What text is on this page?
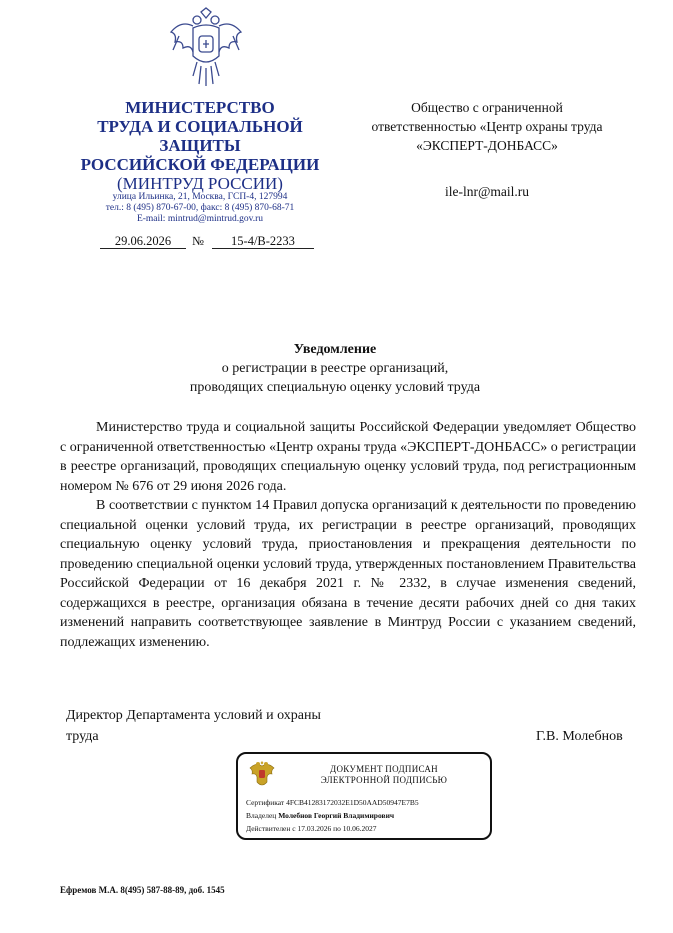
МИНИСТЕРСТВО
ТРУДА И СОЦИАЛЬНОЙ
ЗАЩИТЫ
РОССИЙСКОЙ ФЕДЕРАЦИИ
(МИНТРУД РОССИИ)
улица Ильинка, 21, Москва, ГСП-4, 127994
тел.: 8 (495) 870-67-00, факс: 8 (495) 870-68-71
E-mail: mintrud@mintrud.gov.ru
29.06.2026	№	15-4/В-2233
Общество с ограниченной
ответственностью «Центр охраны труда
«ЭКСПЕРТ-ДОНБАСС»
ile-lnr@mail.ru
Уведомление
о регистрации в реестре организаций,
проводящих специальную оценку условий труда

Министерство труда и социальной защиты Российской Федерации уведомляет Общество с ограниченной ответственностью «Центр охраны труда «ЭКСПЕРТ-ДОНБАСС» о регистрации в реестре организаций, проводящих специальную оценку условий труда, под регистрационным номером № 676 от 29 июня 2026 года.

В соответствии с пунктом 14 Правил допуска организаций к деятельности по проведению специальной оценки условий труда, их регистрации в реестре организаций, проводящих специальную оценку условий труда, приостановления и прекращения деятельности по проведению специальной оценки условий труда, утвержденных постановлением Правительства Российской Федерации от 16 декабря 2021 г. № 2332, в случае изменения сведений, содержащихся в реестре, организация обязана в течение десяти рабочих дней со дня таких изменений направить соответствующее заявление в Минтруд России с указанием сведений, подлежащих изменению.

Директор Департамента условий и охраны
труда	Г.В. Молебнов
ДОКУМЕНТ ПОДПИСАН
ЭЛЕКТРОННОЙ ПОДПИСЬЮ
Сертификат 4FCB41283172032E1D50AAD50947E7B5
Владелец Молебнов Георгий Владимирович
Действителен с 17.03.2026 по 10.06.2027
Ефремов М.А. 8(495) 587-88-89, доб. 1545
